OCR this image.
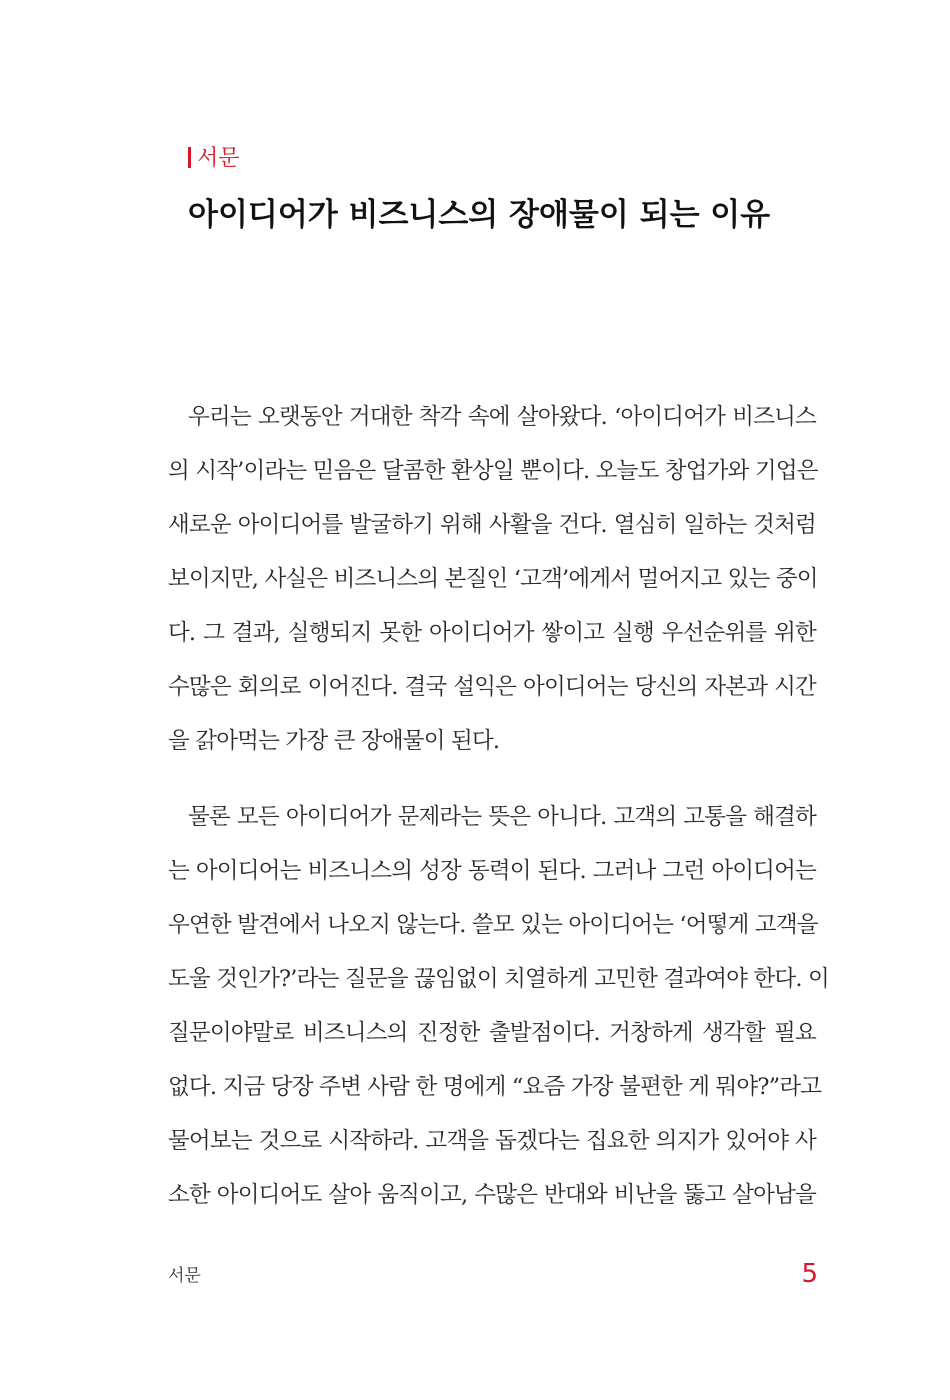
서문
아이디어가 비즈니스의 장애물이 되는 이유
우리는 오랫동안 거대한 착각 속에 살아왔다. ‘아이디어가 비즈니스
의 시작’이라는 믿음은 달콤한 환상일 뿐이다. 오늘도 창업가와 기업은
새로운 아이디어를 발굴하기 위해 사활을 건다. 열심히 일하는 것처럼
보이지만, 사실은 비즈니스의 본질인 ‘고객’에게서 멀어지고 있는 중이
다. 그 결과, 실행되지 못한 아이디어가 쌓이고 실행 우선순위를 위한
수많은 회의로 이어진다. 결국 설익은 아이디어는 당신의 자본과 시간
을 갉아먹는 가장 큰 장애물이 된다.
물론 모든 아이디어가 문제라는 뜻은 아니다. 고객의 고통을 해결하
는 아이디어는 비즈니스의 성장 동력이 된다. 그러나 그런 아이디어는
우연한 발견에서 나오지 않는다. 쓸모 있는 아이디어는 ‘어떻게 고객을
도울 것인가?’라는 질문을 끊임없이 치열하게 고민한 결과여야 한다. 이
질문이야말로 비즈니스의 진정한 출발점이다. 거창하게 생각할 필요
없다. 지금 당장 주변 사람 한 명에게 “요즘 가장 불편한 게 뭐야?”라고
물어보는 것으로 시작하라. 고객을 돕겠다는 집요한 의지가 있어야 사
소한 아이디어도 살아 움직이고, 수많은 반대와 비난을 뚫고 살아남을
서문	5
